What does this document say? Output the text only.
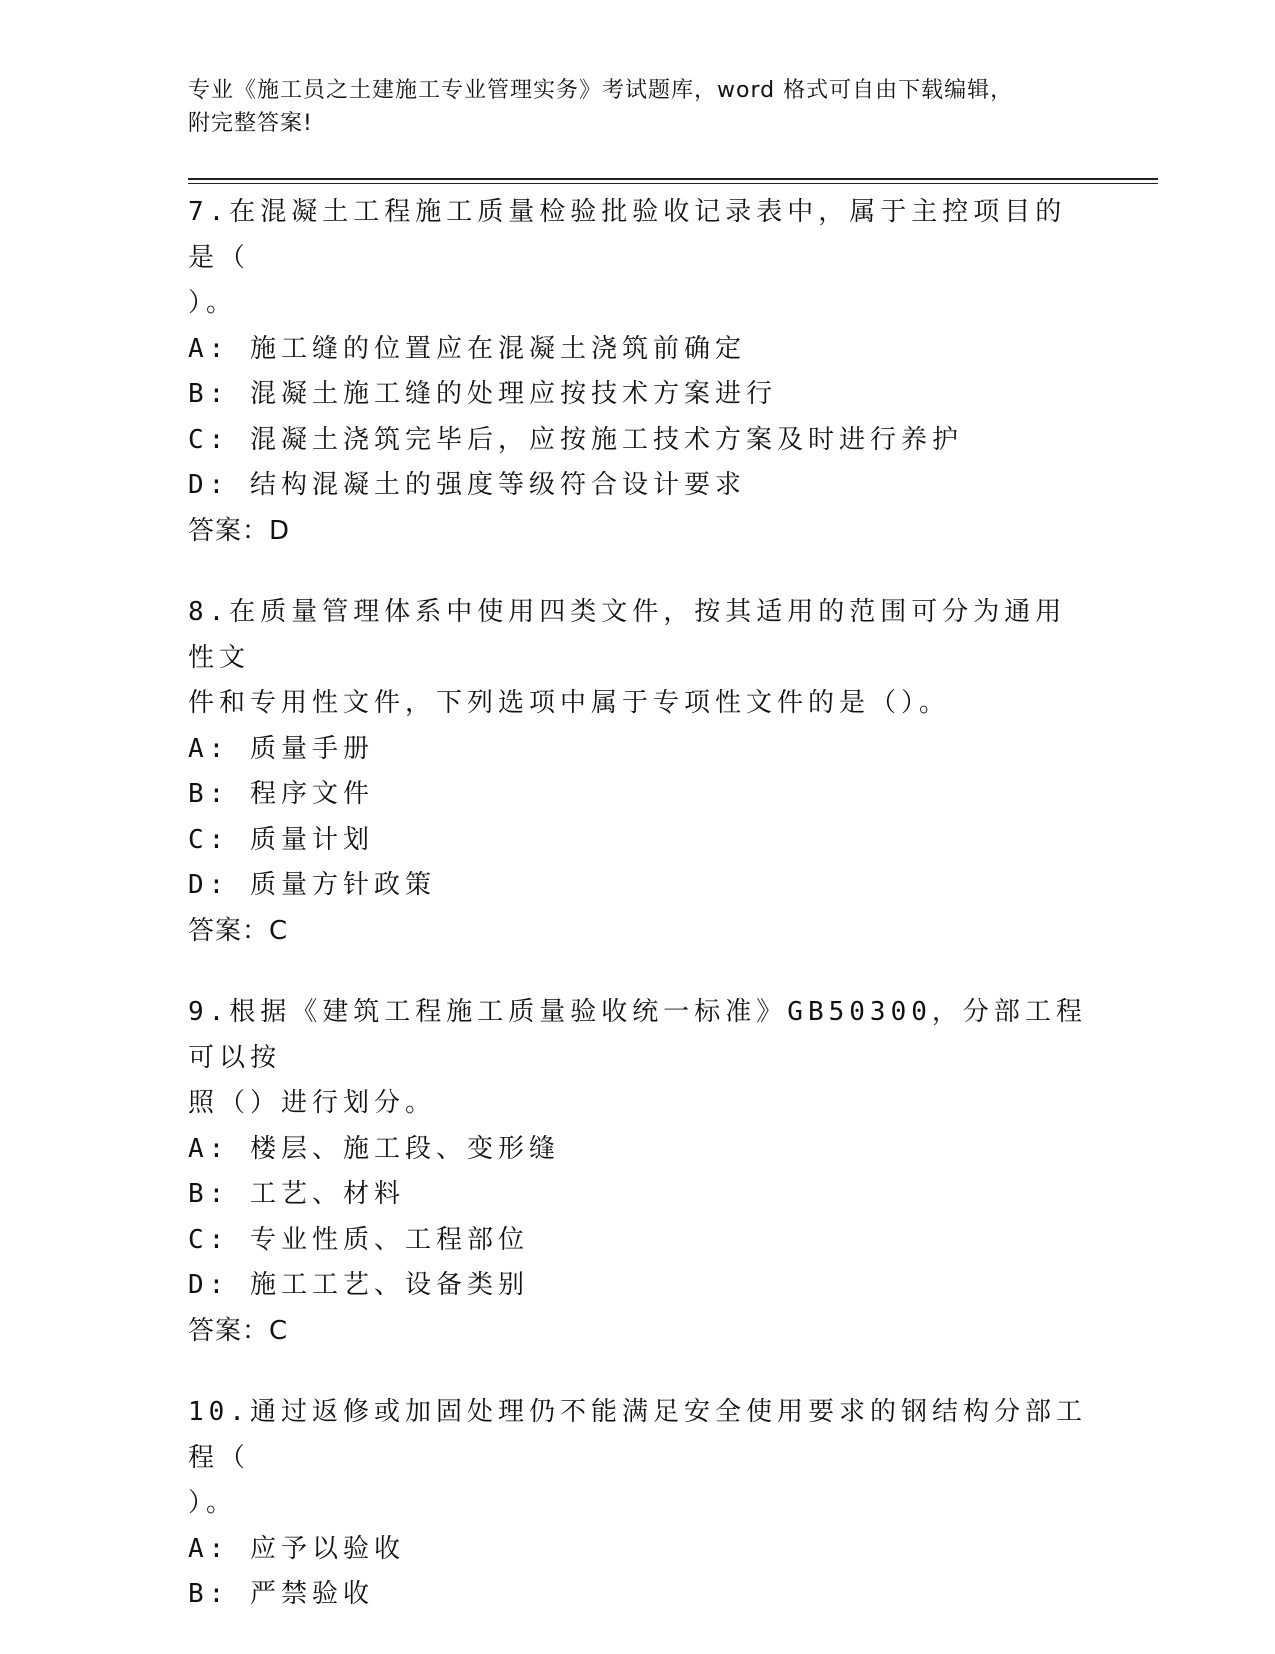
专业《施工员之土建施工专业管理实务》考试题库，word 格式可自由下载编辑，

附完整答案!

7.在混凝土工程施工质量检验批验收记录表中，属于主控项目的是（

）。

A: 施工缝的位置应在混凝土浇筑前确定
B: 混凝土施工缝的处理应按技术方案进行
C: 混凝土浇筑完毕后，应按施工技术方案及时进行养护
D: 结构混凝土的强度等级符合设计要求
答案：D

8.在质量管理体系中使用四类文件，按其适用的范围可分为通用性文

件和专用性文件，下列选项中属于专项性文件的是（）。

A: 质量手册
B: 程序文件
C: 质量计划
D: 质量方针政策
答案：C

9.根据《建筑工程施工质量验收统一标准》GB50300，分部工程可以按

照（）进行划分。

A: 楼层、施工段、变形缝
B: 工艺、材料
C: 专业性质、工程部位
D: 施工工艺、设备类别
答案：C

10.通过返修或加固处理仍不能满足安全使用要求的钢结构分部工程（

）。

A: 应予以验收
B: 严禁验收
